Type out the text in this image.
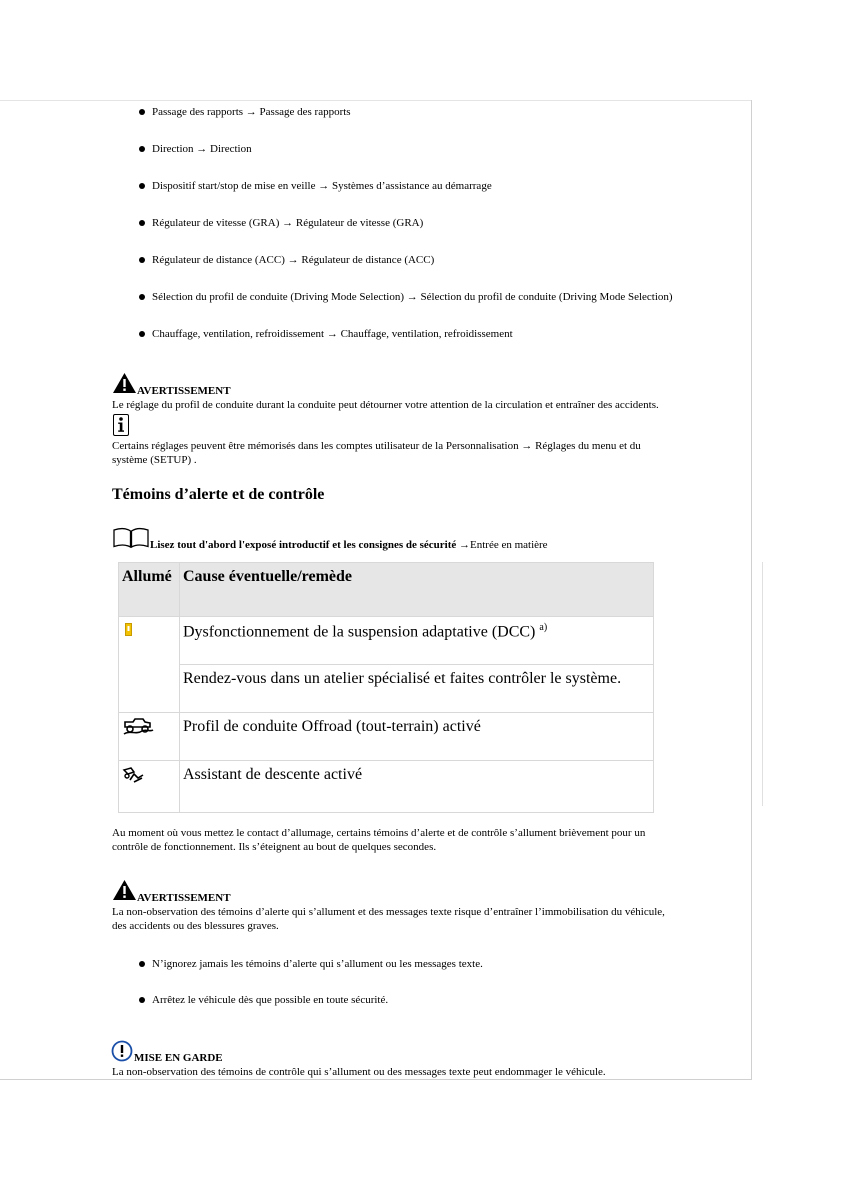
Passage des rapports → Passage des rapports
Direction → Direction
Dispositif start/stop de mise en veille → Systèmes d’assistance au démarrage
Régulateur de vitesse (GRA) → Régulateur de vitesse (GRA)
Régulateur de distance (ACC) → Régulateur de distance (ACC)
Sélection du profil de conduite (Driving Mode Selection) → Sélection du profil de conduite (Driving Mode Selection)
Chauffage, ventilation, refroidissement → Chauffage, ventilation, refroidissement
AVERTISSEMENT
Le réglage du profil de conduite durant la conduite peut détourner votre attention de la circulation et entraîner des accidents.
Certains réglages peuvent être mémorisés dans les comptes utilisateur de la Personnalisation → Réglages du menu et du
système (SETUP) .
Témoins d’alerte et de contrôle
Lisez tout d'abord l'exposé introductif et les consignes de sécurité →Entrée en matière
Allumé	Cause éventuelle/remède
	Dysfonctionnement de la suspension adaptative (DCC) $^{a)}$
	Rendez-vous dans un atelier spécialisé et faites contrôler le système.
	Profil de conduite Offroad (tout-terrain) activé
	Assistant de descente activé
Au moment où vous mettez le contact d’allumage, certains témoins d’alerte et de contrôle s’allument brièvement pour un
contrôle de fonctionnement. Ils s’éteignent au bout de quelques secondes.
AVERTISSEMENT
La non-observation des témoins d’alerte qui s’allument et des messages texte risque d’entraîner l’immobilisation du véhicule,
des accidents ou des blessures graves.
N’ignorez jamais les témoins d’alerte qui s’allument ou les messages texte.
Arrêtez le véhicule dès que possible en toute sécurité.
MISE EN GARDE
La non-observation des témoins de contrôle qui s’allument ou des messages texte peut endommager le véhicule.
